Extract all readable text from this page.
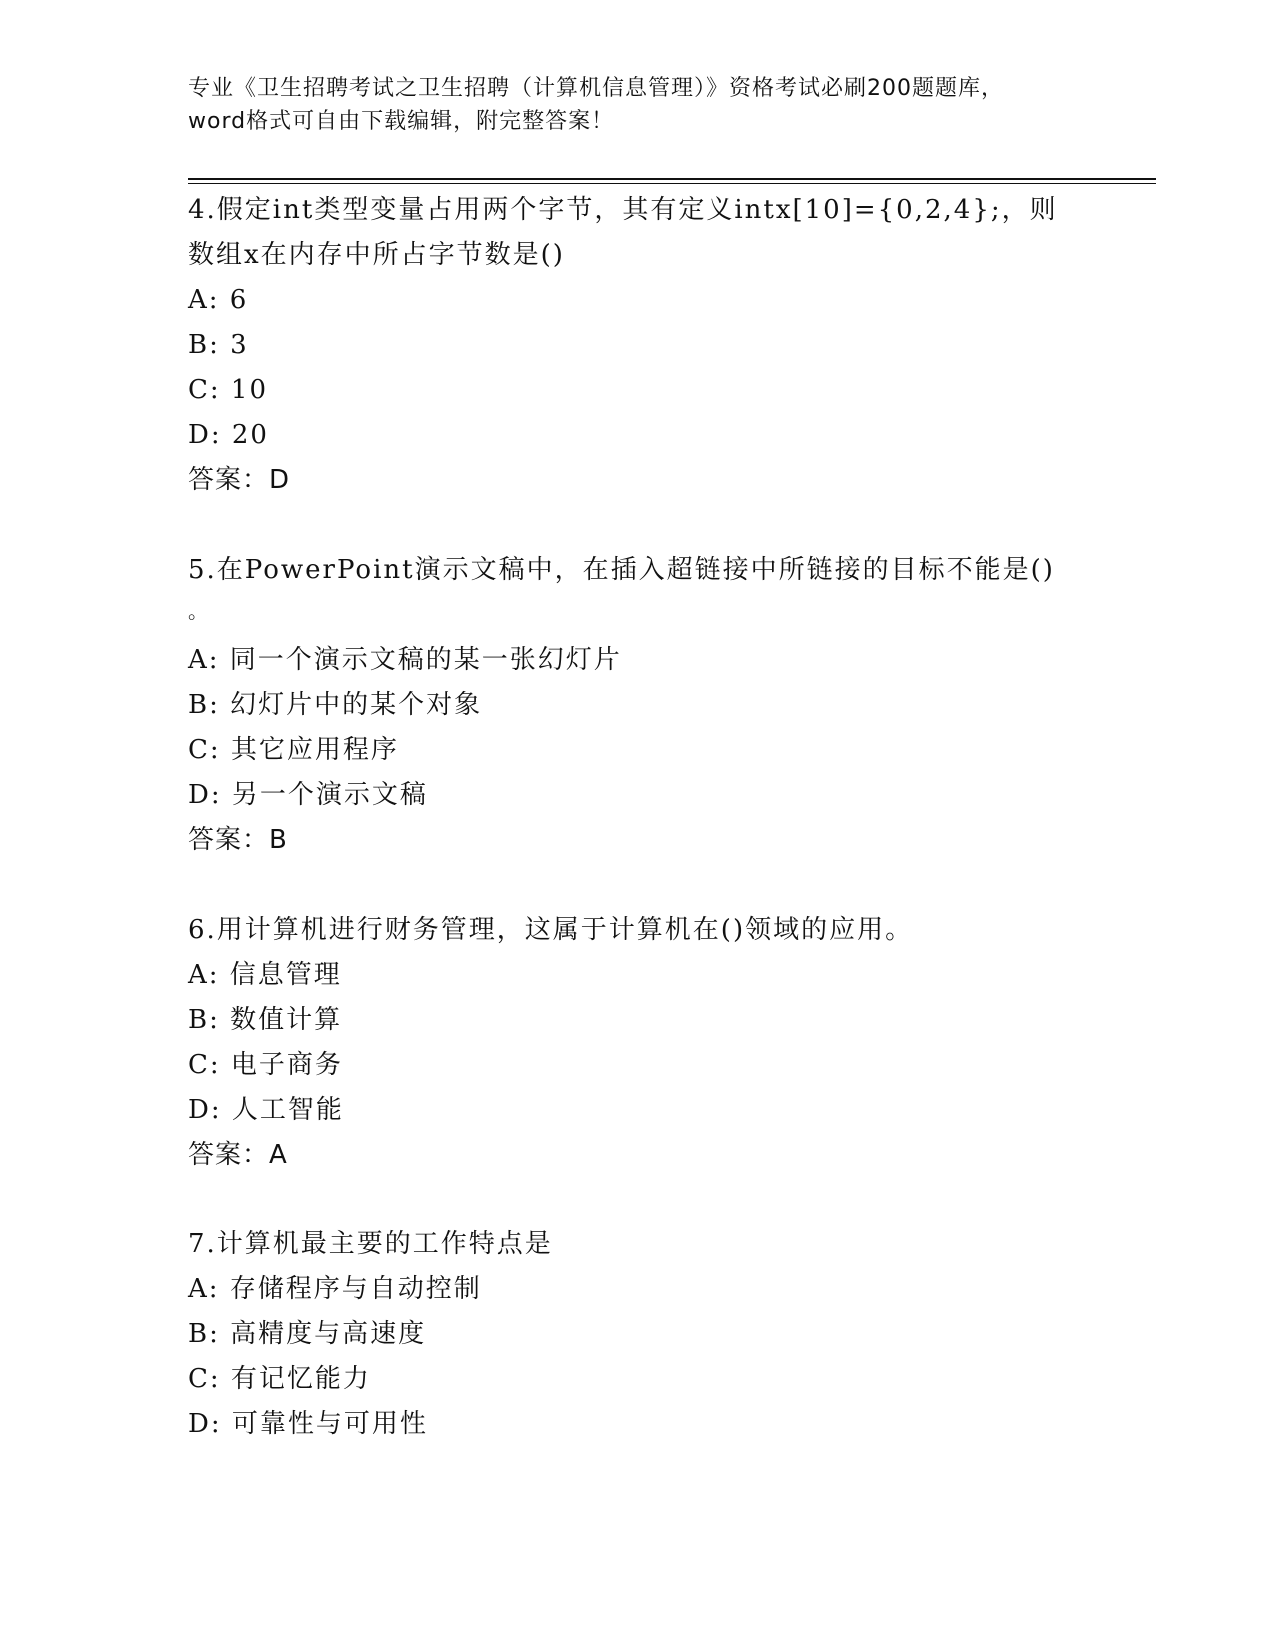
专业《卫生招聘考试之卫生招聘（计算机信息管理）》资格考试必刷200题题库，
word格式可自由下载编辑，附完整答案！
4.假定int类型变量占用两个字节，其有定义intx[10]={0,2,4};，则
数组x在内存中所占字节数是()
A: 6
B: 3
C: 10
D: 20
答案：D
5.在PowerPoint演示文稿中，在插入超链接中所链接的目标不能是()
。
A: 同一个演示文稿的某一张幻灯片
B: 幻灯片中的某个对象
C: 其它应用程序
D: 另一个演示文稿
答案：B
6.用计算机进行财务管理，这属于计算机在()领域的应用。
A: 信息管理
B: 数值计算
C: 电子商务
D: 人工智能
答案：A
7.计算机最主要的工作特点是
A: 存储程序与自动控制
B: 高精度与高速度
C: 有记忆能力
D: 可靠性与可用性
